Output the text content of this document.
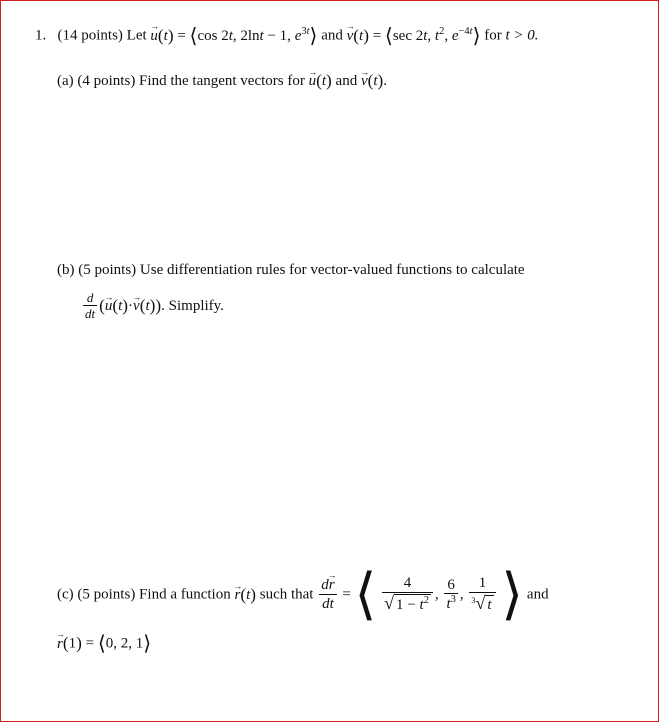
1. (14 points) Let → u(t) = ⟨cos 2t, 2lnt − 1, $e^{3t}⟩$ and → v(t) = ⟨sec 2t, $t^2$, $e^{-4t}⟩$ for t > 0.
(a) (4 points) Find the tangent vectors for → u(t) and → v(t).
(b) (5 points) Use differentiation rules for vector-valued functions to calculate
$\frac{d}{dt}$ (→ u(t)·→ v(t)). Simplify.
(c) (5 points) Find a function → r(t) such that $\frac{d\to r}{dt}$ = ⟨ $\frac{4}{√ 1 - t^2}$ , $\frac{6}{t^3}$ , $\frac{1}{^3√ t}$ ⟩ and
→ r(1) = ⟨0, 2, 1⟩
